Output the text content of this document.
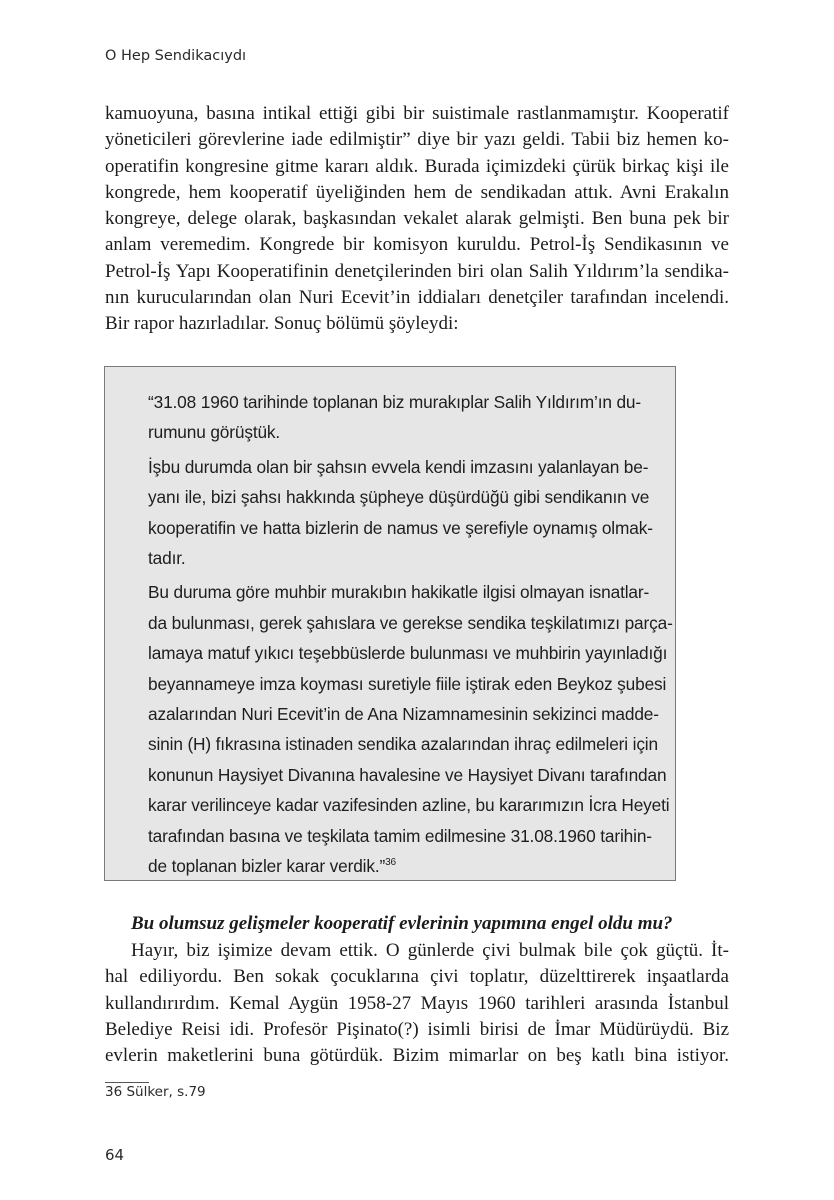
O Hep Sendikacıydı
kamuoyuna, basına intikal ettiği gibi bir suistimale rastlanmamıştır. Kooperatif
yöneticileri görevlerine iade edilmiştir” diye bir yazı geldi. Tabii biz hemen ko-
operatifin kongresine gitme kararı aldık. Burada içimizdeki çürük birkaç kişi ile
kongrede, hem kooperatif üyeliğinden hem de sendikadan attık. Avni Erakalın
kongreye, delege olarak, başkasından vekalet alarak gelmişti. Ben buna pek bir
anlam veremedim. Kongrede bir komisyon kuruldu. Petrol-İş Sendikasının ve
Petrol-İş Yapı Kooperatifinin denetçilerinden biri olan Salih Yıldırım’la sendika-
nın kurucularından olan Nuri Ecevit’in iddiaları denetçiler tarafından incelendi.
Bir rapor hazırladılar. Sonuç bölümü şöyleydi:
“31.08 1960 tarihinde toplanan biz murakıplar Salih Yıldırım’ın du-
rumunu görüştük.
İşbu durumda olan bir şahsın evvela kendi imzasını yalanlayan be-
yanı ile, bizi şahsı hakkında şüpheye düşürdüğü gibi sendikanın ve
kooperatifin ve hatta bizlerin de namus ve şerefiyle oynamış olmak-
tadır.
Bu duruma göre muhbir murakıbın hakikatle ilgisi olmayan isnatlar-
da bulunması, gerek şahıslara ve gerekse sendika teşkilatımızı parça-
lamaya matuf yıkıcı teşebbüslerde bulunması ve muhbirin yayınladığı
beyannameye imza koyması suretiyle fiile iştirak eden Beykoz şubesi
azalarından Nuri Ecevit’in de Ana Nizamnamesinin sekizinci madde-
sinin (H) fıkrasına istinaden sendika azalarından ihraç edilmeleri için
konunun Haysiyet Divanına havalesine ve Haysiyet Divanı tarafından
karar verilinceye kadar vazifesinden azline, bu kararımızın İcra Heyeti
tarafından basına ve teşkilata tamim edilmesine 31.08.1960 tarihin-
de toplanan bizler karar verdik.”$^{36}$
Bu olumsuz gelişmeler kooperatif evlerinin yapımına engel oldu mu?
Hayır, biz işimize devam ettik. O günlerde çivi bulmak bile çok güçtü. İt-
hal ediliyordu. Ben sokak çocuklarına çivi toplatır, düzelttirerek inşaatlarda
kullandırırdım. Kemal Aygün 1958-27 Mayıs 1960 tarihleri arasında İstanbul
Belediye Reisi idi. Profesör Pişinato(?) isimli birisi de İmar Müdürüydü. Biz
evlerin maketlerini buna götürdük. Bizim mimarlar on beş katlı bina istiyor.
36 Sülker, s.79
64
